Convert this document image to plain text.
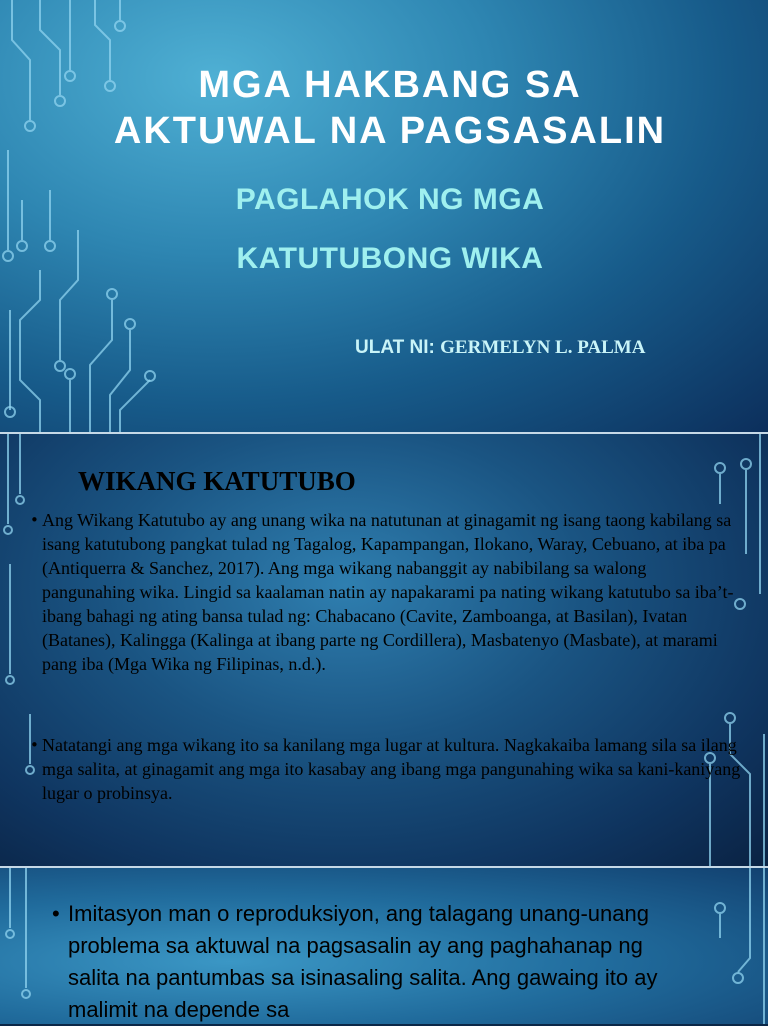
MGA HAKBANG SA
AKTUWAL NA PAGSASALIN

PAGLAHOK NG MGA

KATUTUBONG WIKA

ULAT NI: GERMELYN L. PALMA

WIKANG KATUTUBO

• Ang Wikang Katutubo ay ang unang wika na natutunan at ginagamit ng isang taong kabilang sa isang katutubong pangkat tulad ng Tagalog, Kapampangan, Ilokano, Waray, Cebuano, at iba pa (Antiquerra & Sanchez, 2017). Ang mga wikang nabanggit ay nabibilang sa walong pangunahing wika. Lingid sa kaalaman natin ay napakarami pa nating wikang katutubo sa iba’t-ibang bahagi ng ating bansa tulad ng: Chabacano (Cavite, Zamboanga, at Basilan), Ivatan (Batanes), Kalingga (Kalinga at ibang parte ng Cordillera), Masbatenyo (Masbate), at marami pang iba (Mga Wika ng Filipinas, n.d.).

• Natatangi ang mga wikang ito sa kanilang mga lugar at kultura. Nagkakaiba lamang sila sa ilang mga salita, at ginagamit ang mga ito kasabay ang ibang mga pangunahing wika sa kani-kaniyang lugar o probinsya.

• Imitasyon man o reproduksiyon, ang talagang unang-unang problema sa aktuwal na pagsasalin ay ang paghahanap ng salita na pantumbas sa isinasaling salita. Ang gawaing ito ay malimit na depende sa
